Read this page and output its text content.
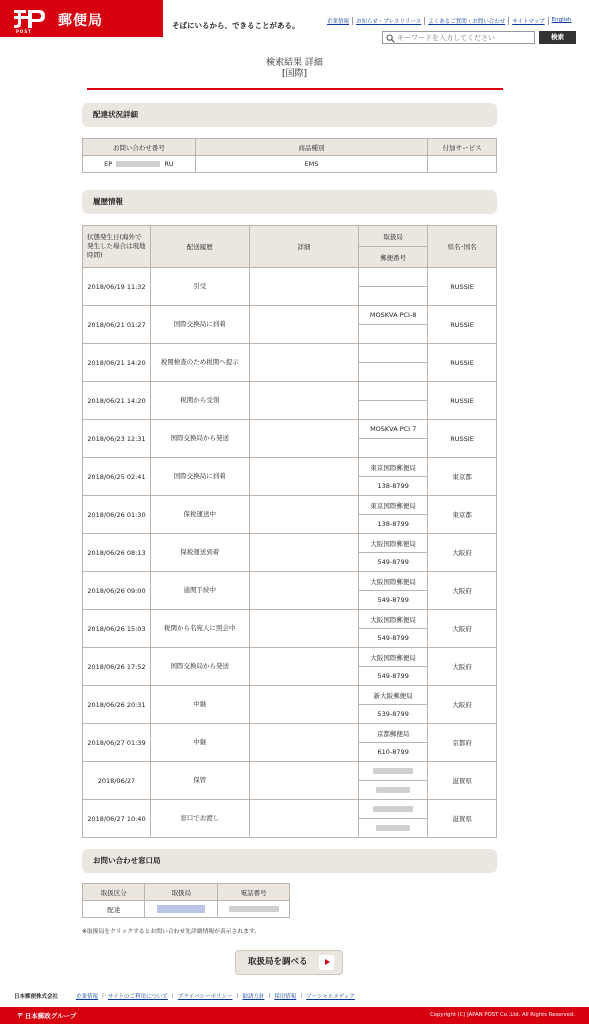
郵便局
POST
そばにいるから、できることがある。	企業情報	お知らせ・プレスリリース	よくあるご質問・お問い合わせ	サイトマップ	English
キーワードを入力してください
検索
検索結果 詳細
[国際]
配達状況詳細
お問い合わせ番号	商品種別	付加サービス
EP RU	EMS	
履歴情報
状態発生日(海外で発生した場合は現地時間)	配送履歴	詳細	取扱局	県名･国名
			郵便番号	
2018/06/19 11:32	引受			RUSSIE

2018/06/21 01:27	国際交換局に到着		MOSKVA PCI-8	RUSSIE

2018/06/21 14:20	税関検査のため税関へ提示			RUSSIE

2018/06/21 14:20	税関から受領			RUSSIE

2018/06/23 12:31	国際交換局から発送		MOSKVA PCI 7	RUSSIE

2018/06/25 02:41	国際交換局に到着		東京国際郵便局	東京都
			138-8799	
2018/06/26 01:30	保税運送中		東京国際郵便局	東京都
			138-8799	
2018/06/26 08:13	保税運送到着		大阪国際郵便局	大阪府
			549-8799	
2018/06/26 09:00	通関手続中		大阪国際郵便局	大阪府
			549-8799	
2018/06/26 15:03	税関から名宛人に照会中		大阪国際郵便局	大阪府
			549-8799	
2018/06/26 17:52	国際交換局から発送		大阪国際郵便局	大阪府
			549-8799	
2018/06/26 20:31	中継		新大阪郵便局	大阪府
			539-8799	
2018/06/27 01:39	中継		京都郵便局	京都府
			610-8799	
2018/06/27	保管			滋賀県

2018/06/27 10:40	窓口でお渡し			滋賀県

お問い合わせ窓口局
取扱区分	取扱局	電話番号
配達		
※取扱局をクリックするとお問い合わせ先詳細情報が表示されます。
取扱局を調べる
日本郵便株式会社	企業情報 | サイトのご利用について | プライバシーポリシー | 勧誘方針 | 採用情報 | ソーシャルメディア
〒 日本郵政グループ	Copyright (C) JAPAN POST Co.,Ltd. All Rights Reserved.
